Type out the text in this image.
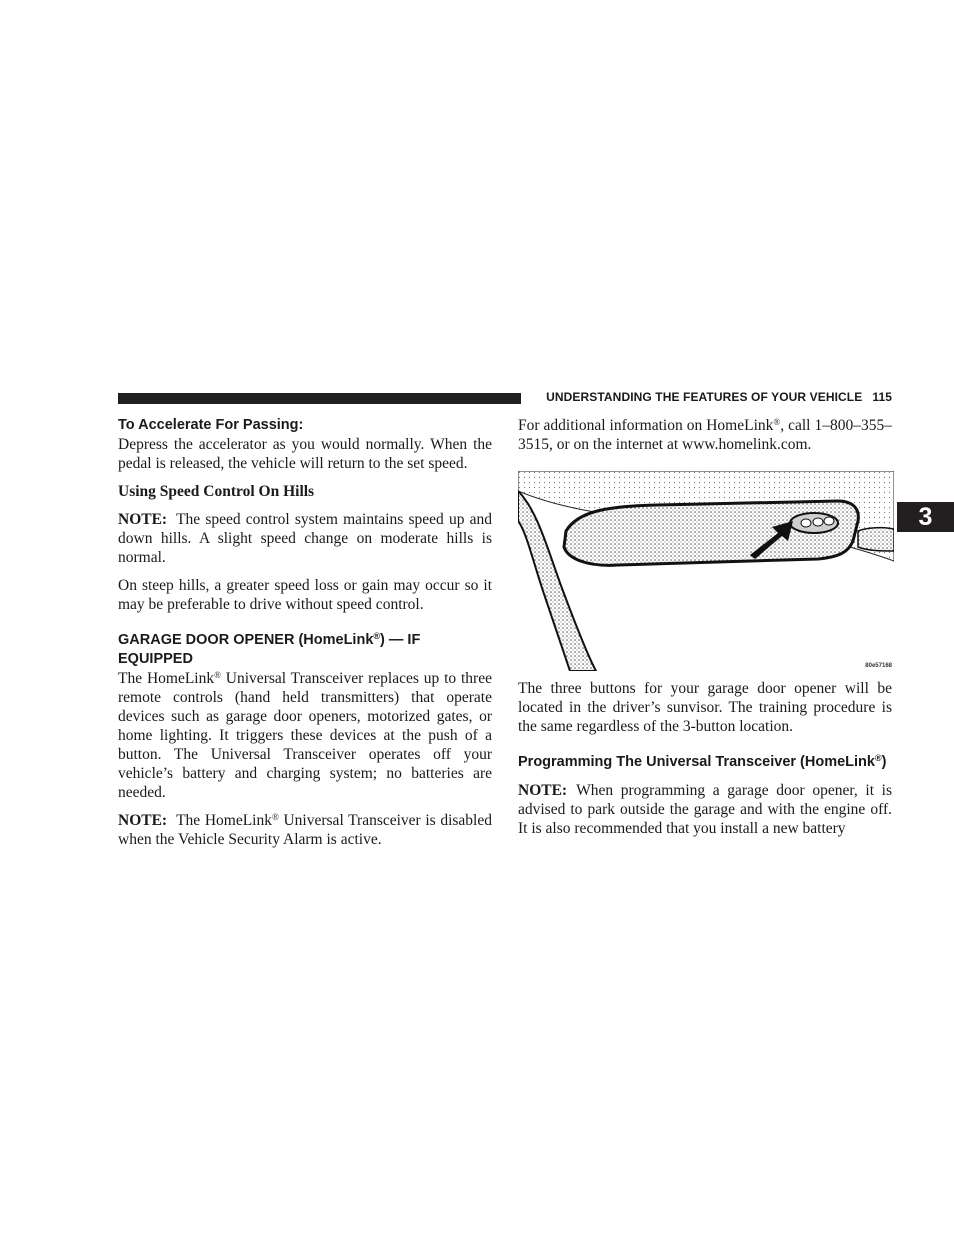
UNDERSTANDING THE FEATURES OF YOUR VEHICLE 115
3
To Accelerate For Passing:

Depress the accelerator as you would normally. When the pedal is released, the vehicle will return to the set speed.

Using Speed Control On Hills

NOTE: The speed control system maintains speed up and down hills. A slight speed change on moderate hills is normal.

On steep hills, a greater speed loss or gain may occur so it may be preferable to drive without speed control.

GARAGE DOOR OPENER (HomeLink®) — IF EQUIPPED

The HomeLink® Universal Transceiver replaces up to three remote controls (hand held transmitters) that operate devices such as garage door openers, motorized gates, or home lighting. It triggers these devices at the push of a button. The Universal Transceiver operates off your vehicle’s battery and charging system; no batteries are needed.

NOTE: The HomeLink® Universal Transceiver is disabled when the Vehicle Security Alarm is active.

For additional information on HomeLink®, call 1–800–355–3515, or on the internet at www.homelink.com.

80e57168

The three buttons for your garage door opener will be located in the driver’s sunvisor. The training procedure is the same regardless of the 3-button location.

Programming The Universal Transceiver (HomeLink®)

NOTE: When programming a garage door opener, it is advised to park outside the garage and with the engine off. It is also recommended that you install a new battery
